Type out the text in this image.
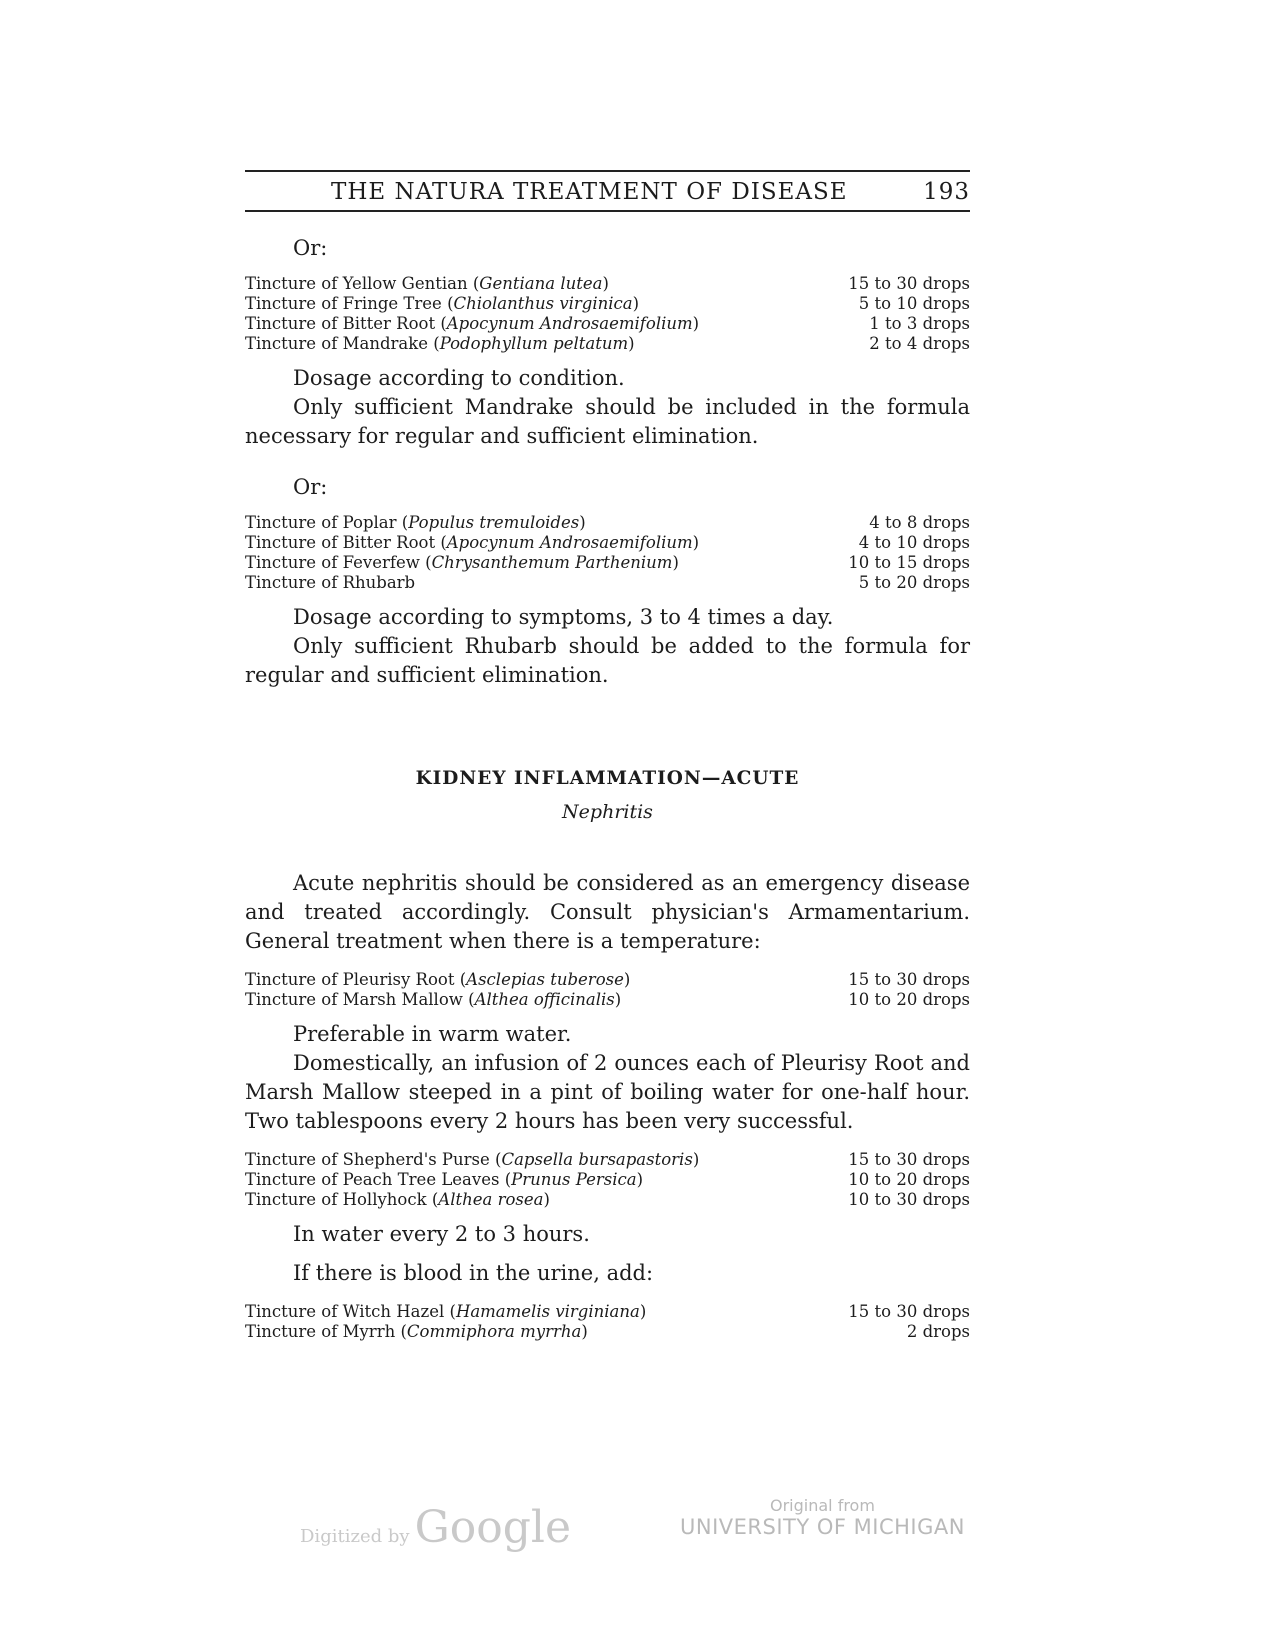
THE NATURA TREATMENT OF DISEASE	193
Or:
Tincture of Yellow Gentian (Gentiana lutea)	15 to 30 drops
Tincture of Fringe Tree (Chiolanthus virginica)	5 to 10 drops
Tincture of Bitter Root (Apocynum Androsaemifolium)	1 to 3 drops
Tincture of Mandrake (Podophyllum peltatum)	2 to 4 drops

Dosage according to condition.

Only sufficient Mandrake should be included in the formula necessary for regular and sufficient elimination.

Or:
Tincture of Poplar (Populus tremuloides)	4 to 8 drops
Tincture of Bitter Root (Apocynum Androsaemifolium)	4 to 10 drops
Tincture of Feverfew (Chrysanthemum Parthenium)	10 to 15 drops
Tincture of Rhubarb	5 to 20 drops

Dosage according to symptoms, 3 to 4 times a day.

Only sufficient Rhubarb should be added to the formula for regular and sufficient elimination.

KIDNEY INFLAMMATION—ACUTE
Nephritis

Acute nephritis should be considered as an emergency disease and treated accordingly. Consult physician's Armamentarium. General treatment when there is a temperature:

Tincture of Pleurisy Root (Asclepias tuberose)	15 to 30 drops
Tincture of Marsh Mallow (Althea officinalis)	10 to 20 drops

Preferable in warm water.

Domestically, an infusion of 2 ounces each of Pleurisy Root and Marsh Mallow steeped in a pint of boiling water for one-half hour. Two tablespoons every 2 hours has been very successful.

Tincture of Shepherd's Purse (Capsella bursapastoris)	15 to 30 drops
Tincture of Peach Tree Leaves (Prunus Persica)	10 to 20 drops
Tincture of Hollyhock (Althea rosea)	10 to 30 drops

In water every 2 to 3 hours.

If there is blood in the urine, add:

Tincture of Witch Hazel (Hamamelis virginiana)	15 to 30 drops
Tincture of Myrrh (Commiphora myrrha)	2 drops
Digitized by Google	Original from
UNIVERSITY OF MICHIGAN
